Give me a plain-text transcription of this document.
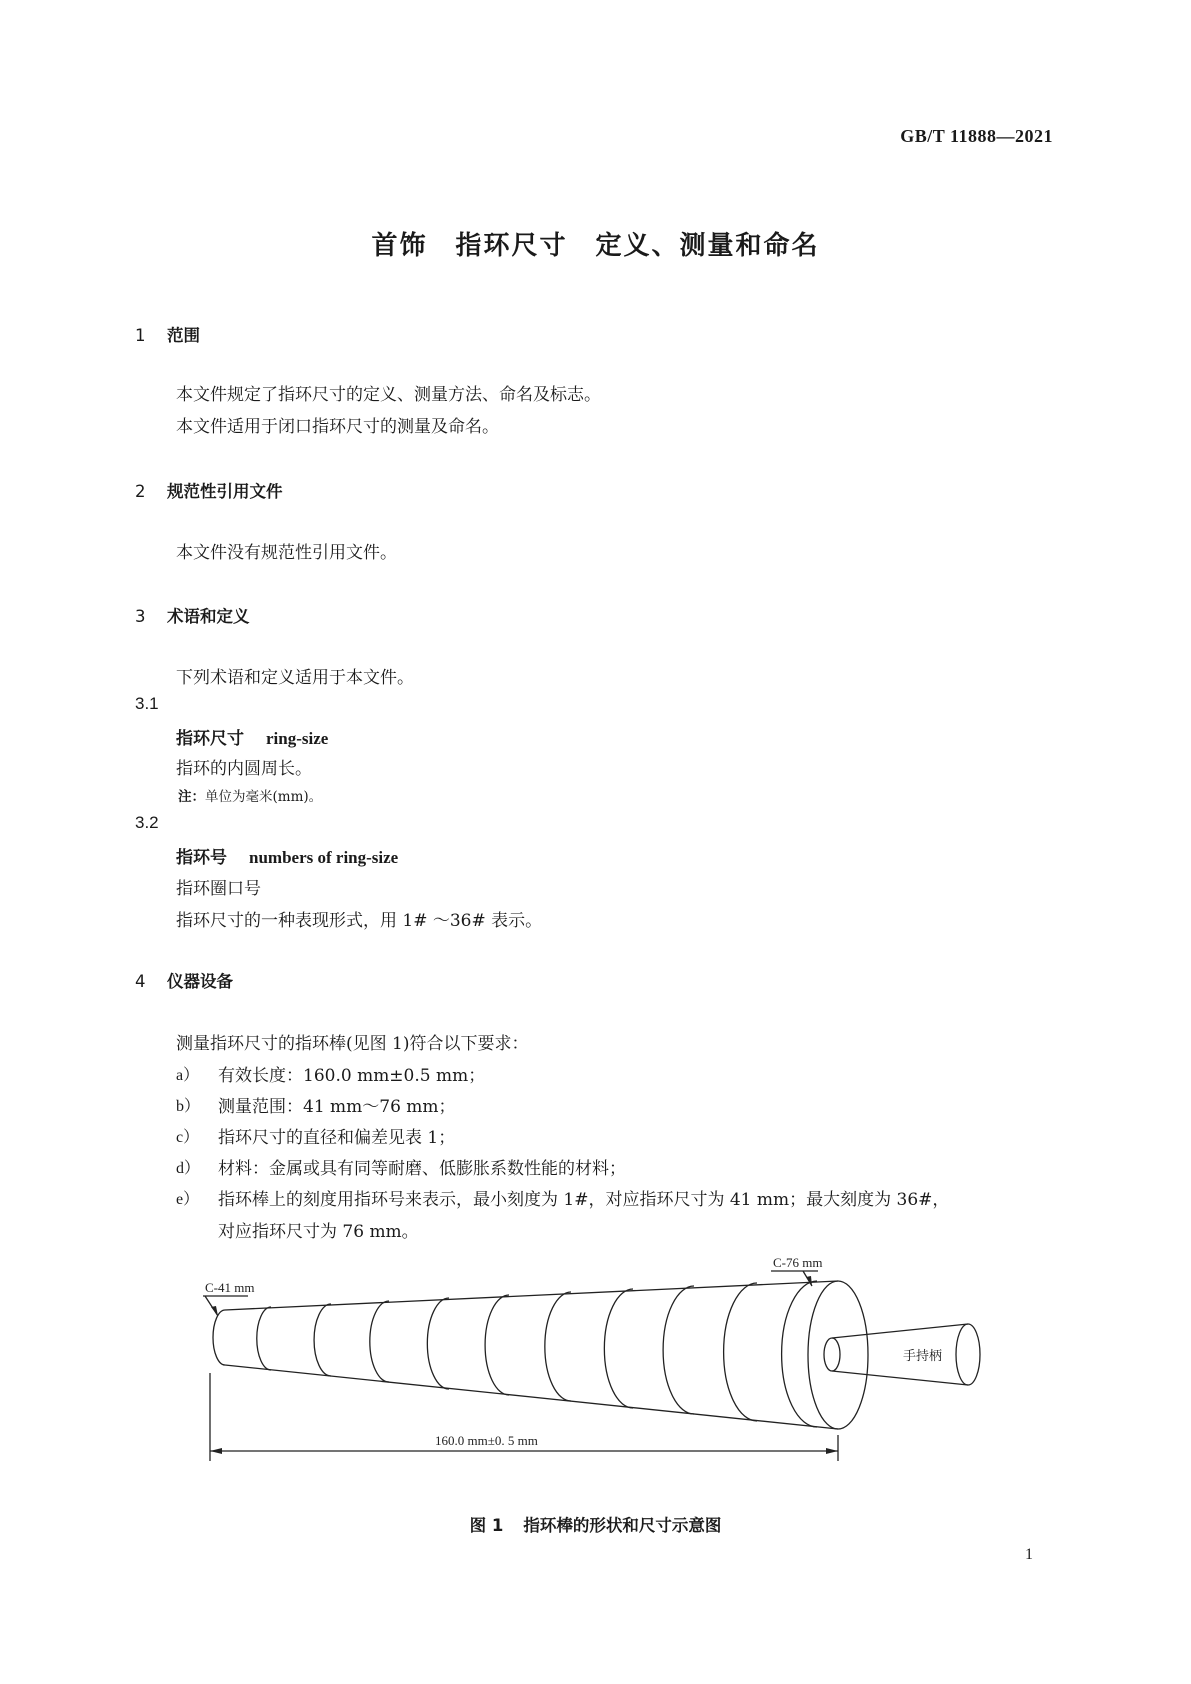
GB/T 11888—2021
首饰　指环尺寸　定义、测量和命名
1 范围
本文件规定了指环尺寸的定义、测量方法、命名及标志。
本文件适用于闭口指环尺寸的测量及命名。
2 规范性引用文件
本文件没有规范性引用文件。
3 术语和定义
下列术语和定义适用于本文件。
3.1
指环尺寸 ring-size
指环的内圆周长。
注：单位为毫米(mm)。
3.2
指环号 numbers of ring-size
指环圈口号
指环尺寸的一种表现形式，用 1# ～36# 表示。
4 仪器设备
测量指环尺寸的指环棒(见图 1)符合以下要求：
a） 有效长度：160.0 mm±0.5 mm；
b） 测量范围：41 mm～76 mm；
c） 指环尺寸的直径和偏差见表 1；
d） 材料：金属或具有同等耐磨、低膨胀系数性能的材料；
e） 指环棒上的刻度用指环号来表示，最小刻度为 1#，对应指环尺寸为 41 mm；最大刻度为 36#，
对应指环尺寸为 76 mm。
C-41 mm
C-76 mm
手持柄
160.0 mm±0. 5 mm
图 1 指环棒的形状和尺寸示意图
1
